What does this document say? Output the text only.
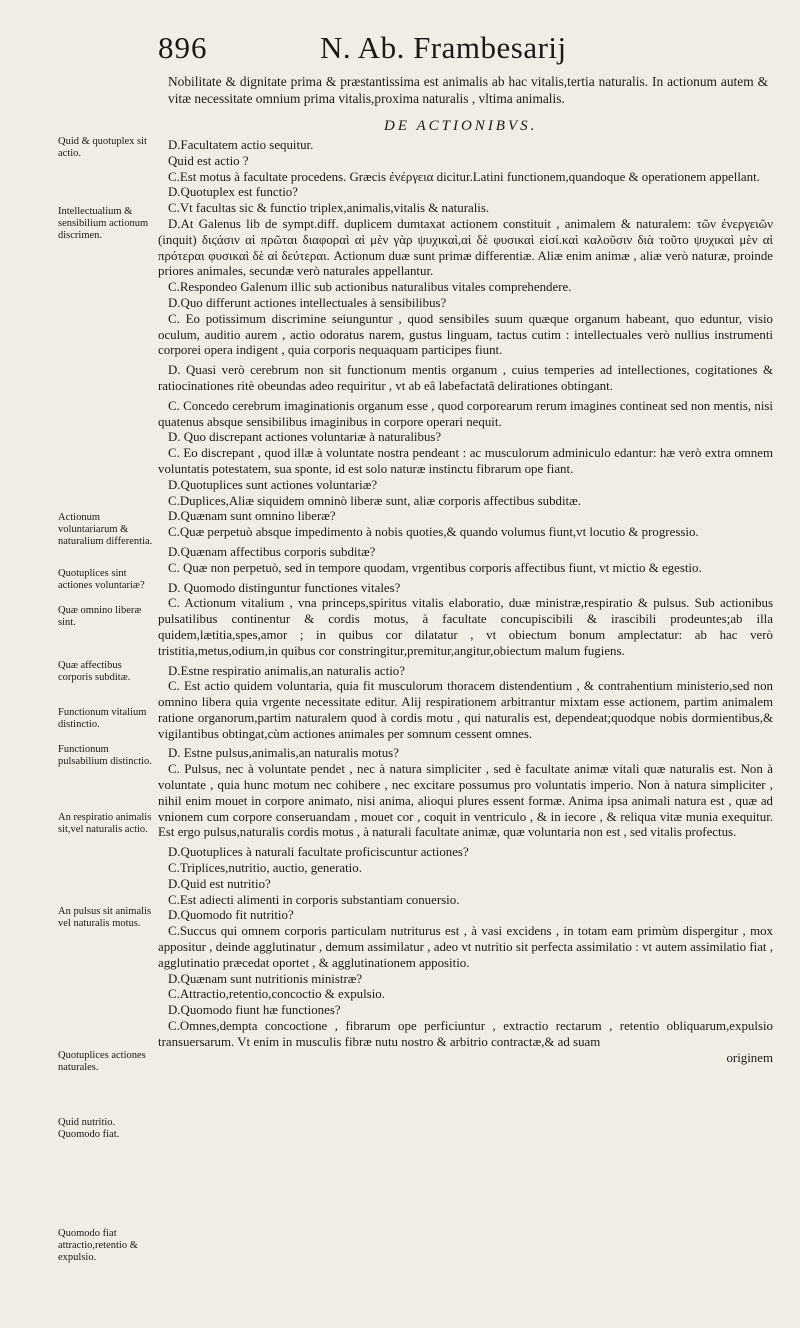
896	N. Ab. Frambesarij

Nobilitate & dignitate prima & præstantissima est animalis ab hac vitalis,tertia naturalis. In actionum autem & vitæ necessitate omnium prima vitalis,proxima naturalis , vltima animalis.

DE ACTIONIBVS.
Quid & quotuplex sit actio.
Intellectualium & sensibilium actionum discrimen.
Actionum voluntariarum & naturalium differentia.
Quotuplices sint actiones voluntariæ?
Quæ omnino liberæ sint.
Quæ affectibus corporis subditæ.
Functionum vitalium distinctio.
Functionum pulsabilium distinctio.
An respiratio animalis sit,vel naturalis actio.
An pulsus sit animalis vel naturalis motus.
Quotuplices actiones naturales.
Quid nutritio. Quomodo fiat.
Quomodo fiat attractio,retentio & expulsio.

D.Facultatem actio sequitur.

Quid est actio ?

C.Est motus à facultate procedens. Græcis ἐνέργεια dicitur.Latini functionem,quandoque & operationem appellant.

D.Quotuplex est functio?

C.Vt facultas sic & functio triplex,animalis,vitalis & naturalis.

D.At Galenus lib de sympt.diff. duplicem dumtaxat actionem constituit , animalem & naturalem: τῶν ἐνεργειῶν (inquit) διϛάσιν αἱ πρῶται διαφοραὶ αἱ μὲν γὰρ ψυχικαὶ,αἱ δὲ φυσικαὶ εἰσί.καὶ καλοῦσιν διὰ τοῦτο ψυχικαὶ μὲν αἱ πρότεραι φυσικαὶ δὲ αἱ δεύτεραι. Actionum duæ sunt primæ differentiæ. Aliæ enim animæ , aliæ verò naturæ, proinde priores animales, secundæ verò naturales appellantur.

C.Respondeo Galenum illic sub actionibus naturalibus vitales comprehendere.

D.Quo differunt actiones intellectuales à sensibilibus?

C. Eo potissimum discrimine seiunguntur , quod sensibiles suum quæque organum habeant, quo eduntur, visio oculum, auditio aurem , actio odoratus narem, gustus linguam, tactus cutim : intellectuales verò nullius instrumenti corporei opera indigent , quia corporis nequaquam participes fiunt.

D. Quasi verò cerebrum non sit functionum mentis organum , cuius temperies ad intellectiones, cogitationes & ratiocinationes ritè obeundas adeo requiritur , vt ab eâ labefactatâ delirationes obtingant.

C. Concedo cerebrum imaginationis organum esse , quod corporearum rerum imagines contineat sed non mentis, nisi quatenus absque sensibilibus imaginibus in corpore operari nequit.

D. Quo discrepant actiones voluntariæ à naturalibus?

C. Eo discrepant , quod illæ à voluntate nostra pendeant : ac musculorum adminiculo edantur: hæ verò extra omnem voluntatis potestatem, sua sponte, id est solo naturæ instinctu fibrarum ope fiant.

D.Quotuplices sunt actiones voluntariæ?

C.Duplices,Aliæ siquidem omninò liberæ sunt, aliæ corporis affectibus subditæ.

D.Quænam sunt omnino liberæ?

C.Quæ perpetuò absque impedimento à nobis quoties,& quando volumus fiunt,vt locutio & progressio.

D.Quænam affectibus corporis subditæ?

C. Quæ non perpetuò, sed in tempore quodam, vrgentibus corporis affectibus fiunt, vt mictio & egestio.

D. Quomodo distinguntur functiones vitales?

C. Actionum vitalium , vna princeps,spiritus vitalis elaboratio, duæ ministræ,respiratio & pulsus. Sub actionibus pulsatilibus continentur & cordis motus, à facultate concupiscibili & irascibili prodeuntes;ab illa quidem,lætitia,spes,amor ; in quibus cor dilatatur , vt obiectum bonum amplectatur: ab hac verò tristitia,metus,odium,in quibus cor constringitur,premitur,angitur,obiectum malum fugiens.

D.Estne respiratio animalis,an naturalis actio?

C. Est actio quidem voluntaria, quia fit musculorum thoracem distendentium , & contrahentium ministerio,sed non omnino libera quia vrgente necessitate editur. Alij respirationem arbitrantur mixtam esse actionem, partim animalem ratione organorum,partim naturalem quod à cordis motu , qui naturalis est, dependeat;quodque nobis dormientibus,& vigilantibus obtingat,cùm actiones animales per somnum cessent omnes.

D. Estne pulsus,animalis,an naturalis motus?

C. Pulsus, nec à voluntate pendet , nec à natura simpliciter , sed è facultate animæ vitali quæ naturalis est. Non à voluntate , quia hunc motum nec cohibere , nec excitare possumus pro voluntatis imperio. Non à natura simpliciter , nihil enim mouet in corpore animato, nisi anima, alioqui plures essent formæ. Anima ipsa animali natura est , quæ ad vnionem cum corpore conseruandam , mouet cor , coquit in ventriculo , & in iecore , & reliqua vitæ munia exequitur. Est ergo pulsus,naturalis cordis motus , à naturali facultate animæ, quæ voluntaria non est , sed vitalis profectus.

D.Quotuplices à naturali facultate proficiscuntur actiones?

C.Triplices,nutritio, auctio, generatio.

D.Quid est nutritio?

C.Est adiecti alimenti in corporis substantiam conuersio.

D.Quomodo fit nutritio?

C.Succus qui omnem corporis particulam nutriturus est , à vasi excidens , in totam eam primùm dispergitur , mox appositur , deinde agglutinatur , demum assimilatur , adeo vt nutritio sit perfecta assimilatio : vt autem assimilatio fiat , agglutinatio præcedat oportet , & agglutinationem appositio.

D.Quænam sunt nutritionis ministræ?

C.Attractio,retentio,concoctio & expulsio.

D.Quomodo fiunt hæ functiones?

C.Omnes,dempta concoctione , fibrarum ope perficiuntur , extractio rectarum , retentio obliquarum,expulsio transuersarum. Vt enim in musculis fibræ nutu nostro & arbitrio contractæ,& ad suam

originem
